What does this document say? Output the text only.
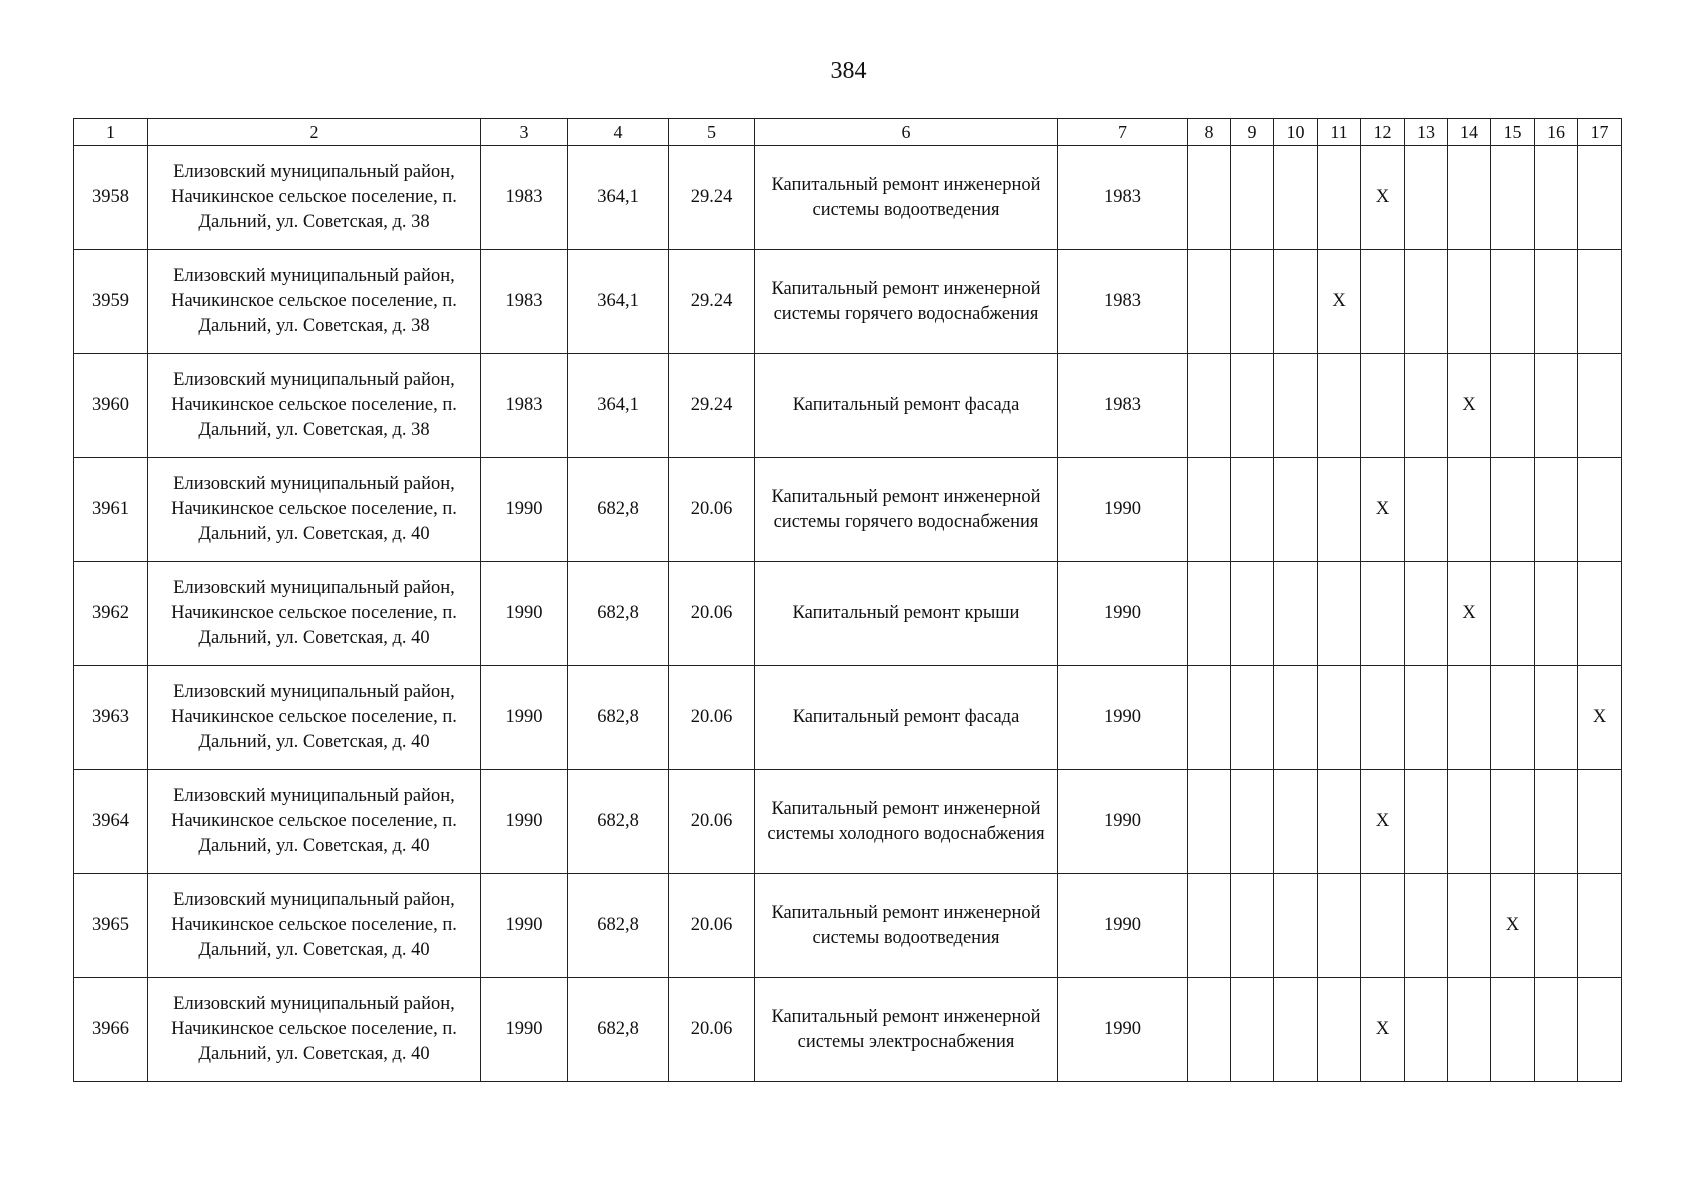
384
1	2	3	4	5	6	7	8	9	10	11	12	13	14	15	16	17
3958	Елизовский муниципальный район, Начикинское сельское поселение, п. Дальний, ул. Советская, д. 38	1983	364,1	29.24	Капитальный ремонт инженерной системы водоотведения	1983					X					
3959	Елизовский муниципальный район, Начикинское сельское поселение, п. Дальний, ул. Советская, д. 38	1983	364,1	29.24	Капитальный ремонт инженерной системы горячего водоснабжения	1983				X						
3960	Елизовский муниципальный район, Начикинское сельское поселение, п. Дальний, ул. Советская, д. 38	1983	364,1	29.24	Капитальный ремонт фасада	1983							X			
3961	Елизовский муниципальный район, Начикинское сельское поселение, п. Дальний, ул. Советская, д. 40	1990	682,8	20.06	Капитальный ремонт инженерной системы горячего водоснабжения	1990					X					
3962	Елизовский муниципальный район, Начикинское сельское поселение, п. Дальний, ул. Советская, д. 40	1990	682,8	20.06	Капитальный ремонт крыши	1990							X			
3963	Елизовский муниципальный район, Начикинское сельское поселение, п. Дальний, ул. Советская, д. 40	1990	682,8	20.06	Капитальный ремонт фасада	1990										X
3964	Елизовский муниципальный район, Начикинское сельское поселение, п. Дальний, ул. Советская, д. 40	1990	682,8	20.06	Капитальный ремонт инженерной системы холодного водоснабжения	1990					X					
3965	Елизовский муниципальный район, Начикинское сельское поселение, п. Дальний, ул. Советская, д. 40	1990	682,8	20.06	Капитальный ремонт инженерной системы водоотведения	1990								X		
3966	Елизовский муниципальный район, Начикинское сельское поселение, п. Дальний, ул. Советская, д. 40	1990	682,8	20.06	Капитальный ремонт инженерной системы электроснабжения	1990					X					
